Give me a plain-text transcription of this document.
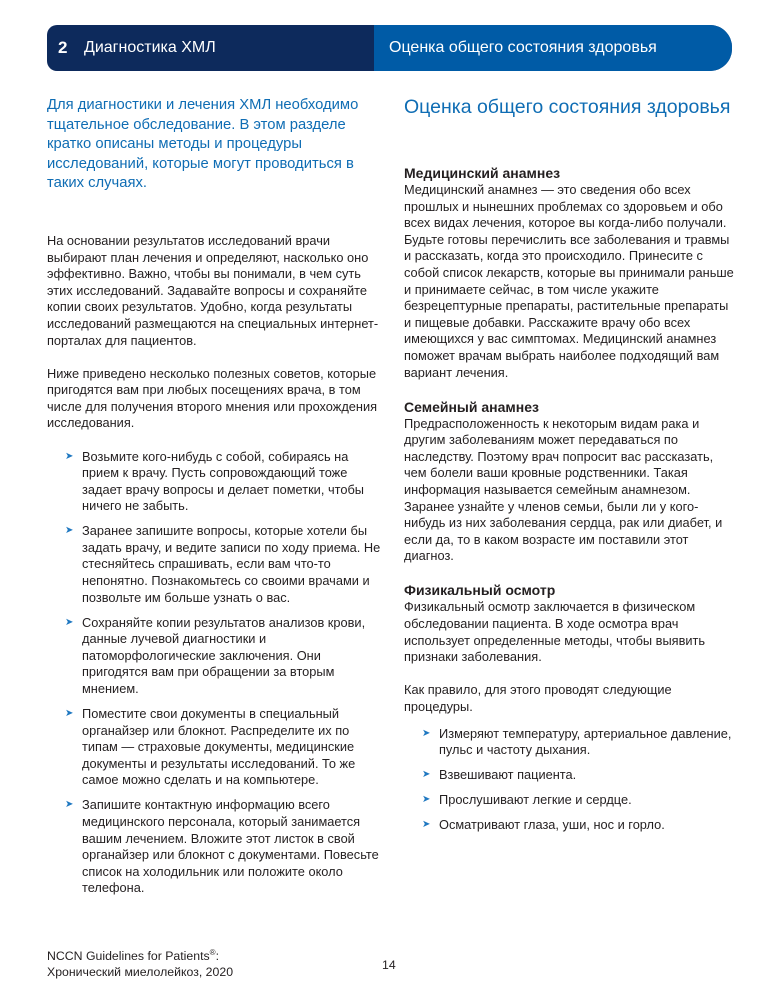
2	Диагностика ХМЛ	Оценка общего состояния здоровья

Для диагностики и лечения ХМЛ необходимо тщательное обследование. В этом разделе кратко описаны методы и процедуры исследований, которые могут проводиться в таких случаях.

Оценка общего состояния здоровья

На основании результатов исследований врачи выбирают план лечения и определяют, насколько оно эффективно. Важно, чтобы вы понимали, в чем суть этих исследований. Задавайте вопросы и сохраняйте копии своих результатов. Удобно, когда результаты исследований размещаются на специальных интернет-порталах для пациентов.

Ниже приведено несколько полезных советов, которые пригодятся вам при любых посещениях врача, в том числе для получения второго мнения или прохождения исследования.

➤ Возьмите кого-нибудь с собой, собираясь на прием к врачу. Пусть сопровождающий тоже задает врачу вопросы и делает пометки, чтобы ничего не забыть.
➤ Заранее запишите вопросы, которые хотели бы задать врачу, и ведите записи по ходу приема. Не стесняйтесь спрашивать, если вам что-то непонятно. Познакомьтесь со своими врачами и позвольте им больше узнать о вас.
➤ Сохраняйте копии результатов анализов крови, данные лучевой диагностики и патоморфологические заключения. Они пригодятся вам при обращении за вторым мнением.
➤ Поместите свои документы в специальный органайзер или блокнот. Распределите их по типам — страховые документы, медицинские документы и результаты исследований. То же самое можно сделать и на компьютере.
➤ Запишите контактную информацию всего медицинского персонала, который занимается вашим лечением. Вложите этот листок в свой органайзер или блокнот с документами. Повесьте список на холодильник или положите около телефона.
Медицинский анамнез

Медицинский анамнез — это сведения обо всех прошлых и нынешних проблемах со здоровьем и обо всех видах лечения, которое вы когда-либо получали. Будьте готовы перечислить все заболевания и травмы и рассказать, когда это происходило. Принесите с собой список лекарств, которые вы принимали раньше и принимаете сейчас, в том числе укажите безрецептурные препараты, растительные препараты и пищевые добавки. Расскажите врачу обо всех имеющихся у вас симптомах. Медицинский анамнез поможет врачам выбрать наиболее подходящий вам вариант лечения.

Семейный анамнез

Предрасположенность к некоторым видам рака и другим заболеваниям может передаваться по наследству. Поэтому врач попросит вас рассказать, чем болели ваши кровные родственники. Такая информация называется семейным анамнезом. Заранее узнайте у членов семьи, были ли у кого-нибудь из них заболевания сердца, рак или диабет, и если да, то в каком возрасте им поставили этот диагноз.

Физикальный осмотр

Физикальный осмотр заключается в физическом обследовании пациента. В ходе осмотра врач использует определенные методы, чтобы выявить признаки заболевания.

Как правило, для этого проводят следующие процедуры.

➤ Измеряют температуру, артериальное давление, пульс и частоту дыхания.
➤ Взвешивают пациента.
➤ Прослушивают легкие и сердце.
➤ Осматривают глаза, уши, нос и горло.
NCCN Guidelines for Patients®:
Хронический миелолейкоз, 2020	14
